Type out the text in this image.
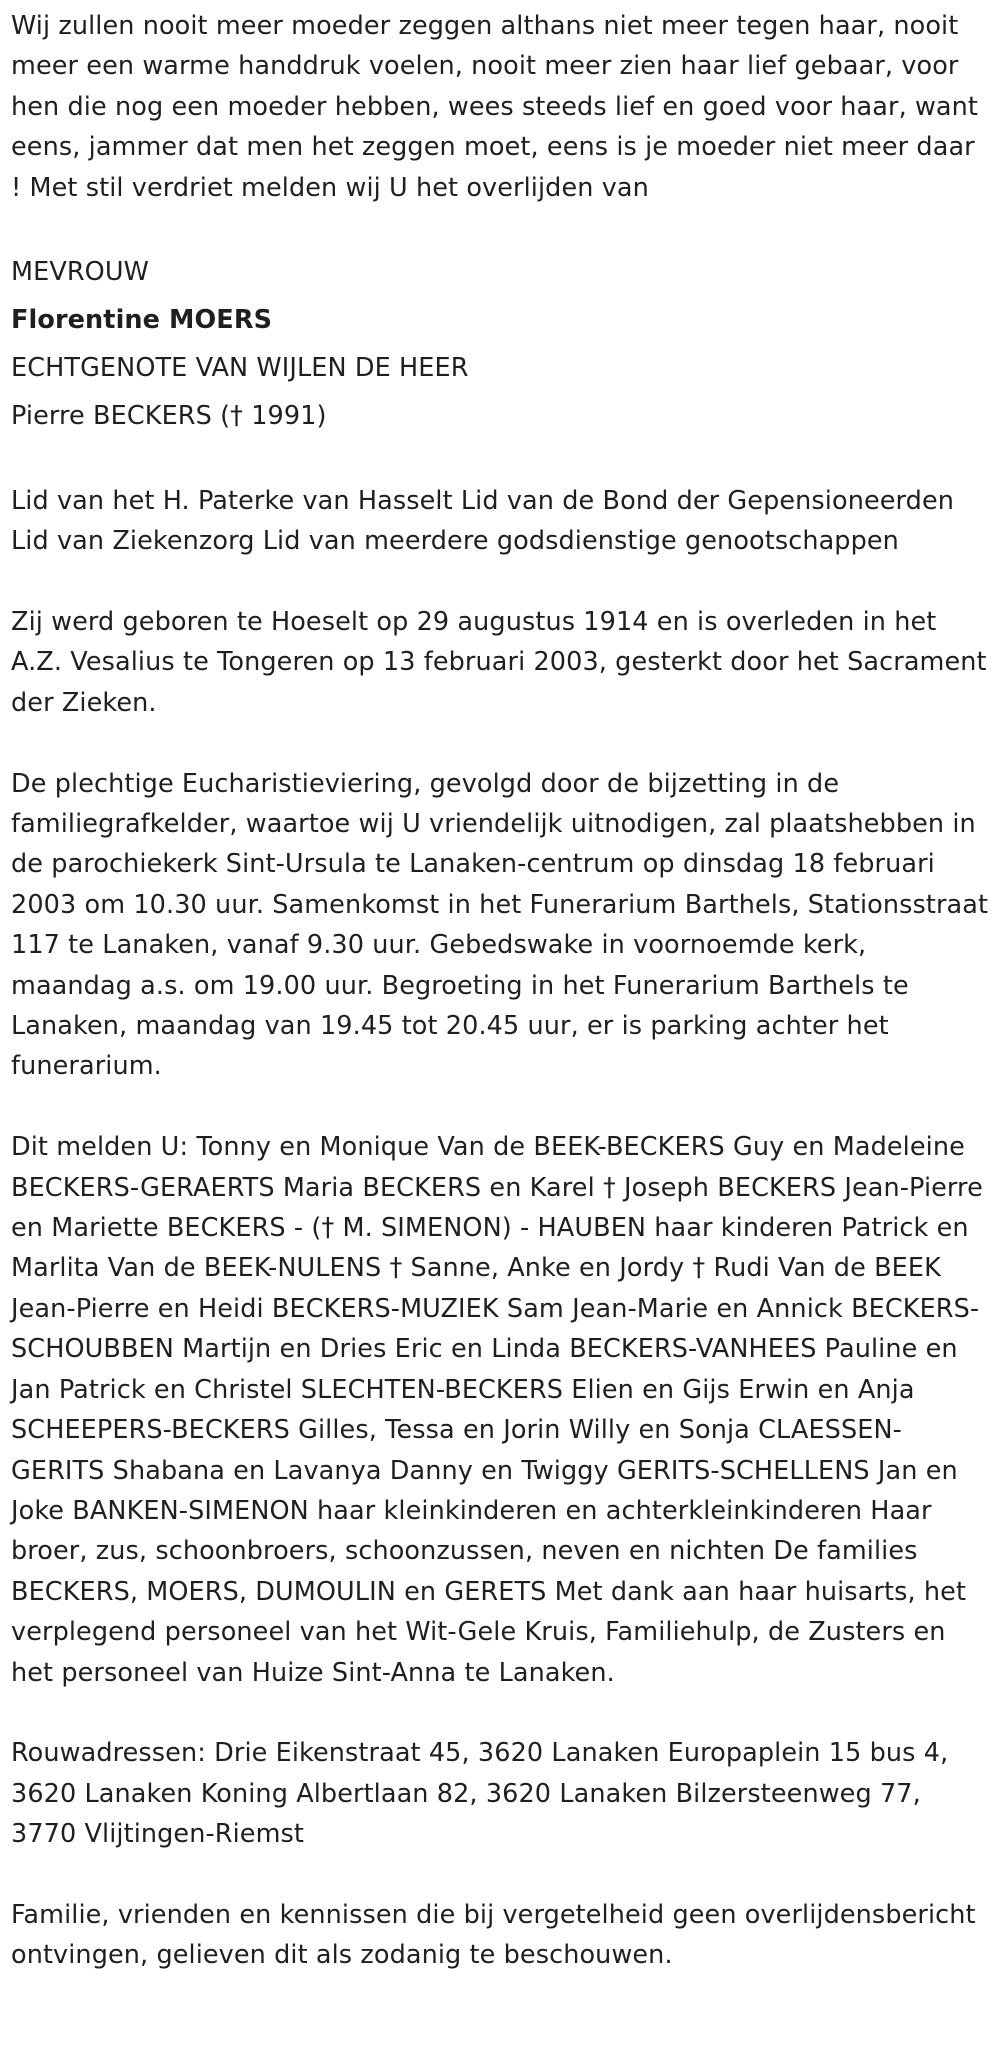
Wij zullen nooit meer moeder zeggen althans niet meer tegen haar, nooit meer een warme handdruk voelen, nooit meer zien haar lief gebaar, voor hen die nog een moeder hebben, wees steeds lief en goed voor haar, want eens, jammer dat men het zeggen moet, eens is je moeder niet meer daar ! Met stil verdriet melden wij U het overlijden van

MEVROUW

Florentine MOERS

ECHTGENOTE VAN WIJLEN DE HEER

Pierre BECKERS († 1991)

Lid van het H. Paterke van Hasselt Lid van de Bond der Gepensioneerden Lid van Ziekenzorg Lid van meerdere godsdienstige genootschappen

Zij werd geboren te Hoeselt op 29 augustus 1914 en is overleden in het A.Z. Vesalius te Tongeren op 13 februari 2003, gesterkt door het Sacrament der Zieken.

De plechtige Eucharistieviering, gevolgd door de bijzetting in de familiegrafkelder, waartoe wij U vriendelijk uitnodigen, zal plaatshebben in de parochiekerk Sint-Ursula te Lanaken-centrum op dinsdag 18 februari 2003 om 10.30 uur. Samenkomst in het Funerarium Barthels, Stationsstraat 117 te Lanaken, vanaf 9.30 uur. Gebedswake in voornoemde kerk, maandag a.s. om 19.00 uur. Begroeting in het Funerarium Barthels te Lanaken, maandag van 19.45 tot 20.45 uur, er is parking achter het funerarium.

Dit melden U: Tonny en Monique Van de BEEK-BECKERS Guy en Madeleine BECKERS-GERAERTS Maria BECKERS en Karel † Joseph BECKERS Jean-Pierre en Mariette BECKERS - († M. SIMENON) - HAUBEN haar kinderen Patrick en Marlita Van de BEEK-NULENS † Sanne, Anke en Jordy † Rudi Van de BEEK Jean-Pierre en Heidi BECKERS-MUZIEK Sam Jean-Marie en Annick BECKERS-SCHOUBBEN Martijn en Dries Eric en Linda BECKERS-VANHEES Pauline en Jan Patrick en Christel SLECHTEN-BECKERS Elien en Gijs Erwin en Anja SCHEEPERS-BECKERS Gilles, Tessa en Jorin Willy en Sonja CLAESSEN-GERITS Shabana en Lavanya Danny en Twiggy GERITS-SCHELLENS Jan en Joke BANKEN-SIMENON haar kleinkinderen en achterkleinkinderen Haar broer, zus, schoonbroers, schoonzussen, neven en nichten De families BECKERS, MOERS, DUMOULIN en GERETS Met dank aan haar huisarts, het verplegend personeel van het Wit-Gele Kruis, Familiehulp, de Zusters en het personeel van Huize Sint-Anna te Lanaken.

Rouwadressen: Drie Eikenstraat 45, 3620 Lanaken Europaplein 15 bus 4, 3620 Lanaken Koning Albertlaan 82, 3620 Lanaken Bilzersteenweg 77, 3770 Vlijtingen-Riemst

Familie, vrienden en kennissen die bij vergetelheid geen overlijdensbericht ontvingen, gelieven dit als zodanig te beschouwen.
